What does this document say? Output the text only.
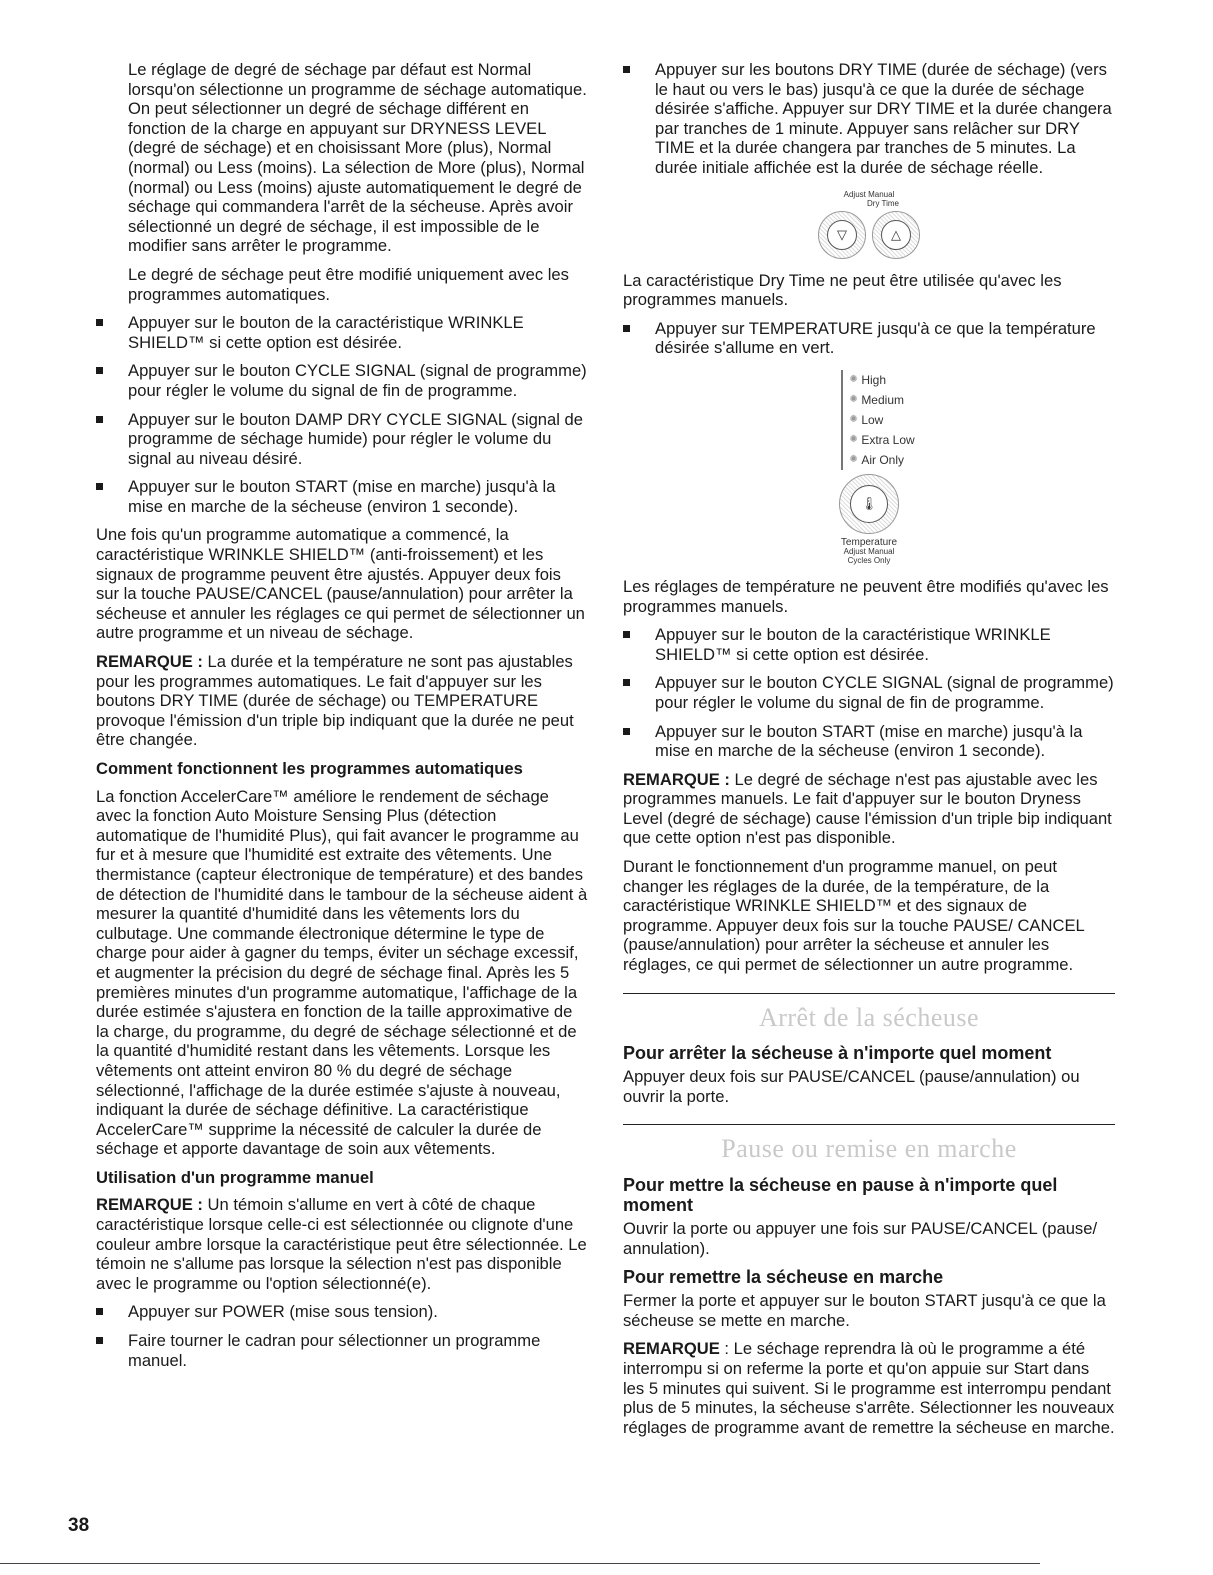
Le réglage de degré de séchage par défaut est Normal lorsqu'on sélectionne un programme de séchage automatique. On peut sélectionner un degré de séchage différent en fonction de la charge en appuyant sur DRYNESS LEVEL (degré de séchage) et en choisissant More (plus), Normal (normal) ou Less (moins). La sélection de More (plus), Normal (normal) ou Less (moins) ajuste automatiquement le degré de séchage qui commandera l'arrêt de la sécheuse. Après avoir sélectionné un degré de séchage, il est impossible de le modifier sans arrêter le programme.

Le degré de séchage peut être modifié uniquement avec les programmes automatiques.

Appuyer sur le bouton de la caractéristique WRINKLE SHIELD™ si cette option est désirée.
Appuyer sur le bouton CYCLE SIGNAL (signal de programme) pour régler le volume du signal de fin de programme.
Appuyer sur le bouton DAMP DRY CYCLE SIGNAL (signal de programme de séchage humide) pour régler le volume du signal au niveau désiré.
Appuyer sur le bouton START (mise en marche) jusqu'à la mise en marche de la sécheuse (environ 1 seconde).

Une fois qu'un programme automatique a commencé, la caractéristique WRINKLE SHIELD™ (anti-froissement) et les signaux de programme peuvent être ajustés. Appuyer deux fois sur la touche PAUSE/CANCEL (pause/annulation) pour arrêter la sécheuse et annuler les réglages ce qui permet de sélectionner un autre programme et un niveau de séchage.

REMARQUE : La durée et la température ne sont pas ajustables pour les programmes automatiques. Le fait d'appuyer sur les boutons DRY TIME (durée de séchage) ou TEMPERATURE provoque l'émission d'un triple bip indiquant que la durée ne peut être changée.

Comment fonctionnent les programmes automatiques

La fonction AccelerCare™ améliore le rendement de séchage avec la fonction Auto Moisture Sensing Plus (détection automatique de l'humidité Plus), qui fait avancer le programme au fur et à mesure que l'humidité est extraite des vêtements. Une thermistance (capteur électronique de température) et des bandes de détection de l'humidité dans le tambour de la sécheuse aident à mesurer la quantité d'humidité dans les vêtements lors du culbutage. Une commande électronique détermine le type de charge pour aider à gagner du temps, éviter un séchage excessif, et augmenter la précision du degré de séchage final. Après les 5 premières minutes d'un programme automatique, l'affichage de la durée estimée s'ajustera en fonction de la taille approximative de la charge, du programme, du degré de séchage sélectionné et de la quantité d'humidité restant dans les vêtements. Lorsque les vêtements ont atteint environ 80 % du degré de séchage sélectionné, l'affichage de la durée estimée s'ajuste à nouveau, indiquant la durée de séchage définitive. La caractéristique AccelerCare™ supprime la nécessité de calculer la durée de séchage et apporte davantage de soin aux vêtements.

Utilisation d'un programme manuel

REMARQUE : Un témoin s'allume en vert à côté de chaque caractéristique lorsque celle-ci est sélectionnée ou clignote d'une couleur ambre lorsque la caractéristique peut être sélectionnée. Le témoin ne s'allume pas lorsque la sélection n'est pas disponible avec le programme ou l'option sélectionné(e).

Appuyer sur POWER (mise sous tension).
Faire tourner le cadran pour sélectionner un programme manuel.
Appuyer sur les boutons DRY TIME (durée de séchage) (vers le haut ou vers le bas) jusqu'à ce que la durée de séchage désirée s'affiche. Appuyer sur DRY TIME et la durée changera par tranches de 1 minute. Appuyer sans relâcher sur DRY TIME et la durée changera par tranches de 5 minutes. La durée initiale affichée est la durée de séchage réelle.
Adjust Manual
Dry Time
▽	△

La caractéristique Dry Time ne peut être utilisée qu'avec les programmes manuels.

Appuyer sur TEMPERATURE jusqu'à ce que la température désirée s'allume en vert.
✺ High
✺ Medium
✺ Low
✺ Extra Low
✺ Air Only
🌡
Temperature
Adjust Manual
Cycles Only

Les réglages de température ne peuvent être modifiés qu'avec les programmes manuels.

Appuyer sur le bouton de la caractéristique WRINKLE SHIELD™ si cette option est désirée.
Appuyer sur le bouton CYCLE SIGNAL (signal de programme) pour régler le volume du signal de fin de programme.
Appuyer sur le bouton START (mise en marche) jusqu'à la mise en marche de la sécheuse (environ 1 seconde).

REMARQUE : Le degré de séchage n'est pas ajustable avec les programmes manuels. Le fait d'appuyer sur le bouton Dryness Level (degré de séchage) cause l'émission d'un triple bip indiquant que cette option n'est pas disponible.

Durant le fonctionnement d'un programme manuel, on peut changer les réglages de la durée, de la température, de la caractéristique WRINKLE SHIELD™ et des signaux de programme. Appuyer deux fois sur la touche PAUSE/ CANCEL (pause/annulation) pour arrêter la sécheuse et annuler les réglages, ce qui permet de sélectionner un autre programme.

Arrêt de la sécheuse
Pour arrêter la sécheuse à n'importe quel moment

Appuyer deux fois sur PAUSE/CANCEL (pause/annulation) ou ouvrir la porte.

Pause ou remise en marche
Pour mettre la sécheuse en pause à n'importe quel moment

Ouvrir la porte ou appuyer une fois sur PAUSE/CANCEL (pause/ annulation).

Pour remettre la sécheuse en marche

Fermer la porte et appuyer sur le bouton START jusqu'à ce que la sécheuse se mette en marche.

REMARQUE : Le séchage reprendra là où le programme a été interrompu si on referme la porte et qu'on appuie sur Start dans les 5 minutes qui suivent. Si le programme est interrompu pendant plus de 5 minutes, la sécheuse s'arrête. Sélectionner les nouveaux réglages de programme avant de remettre la sécheuse en marche.

38
